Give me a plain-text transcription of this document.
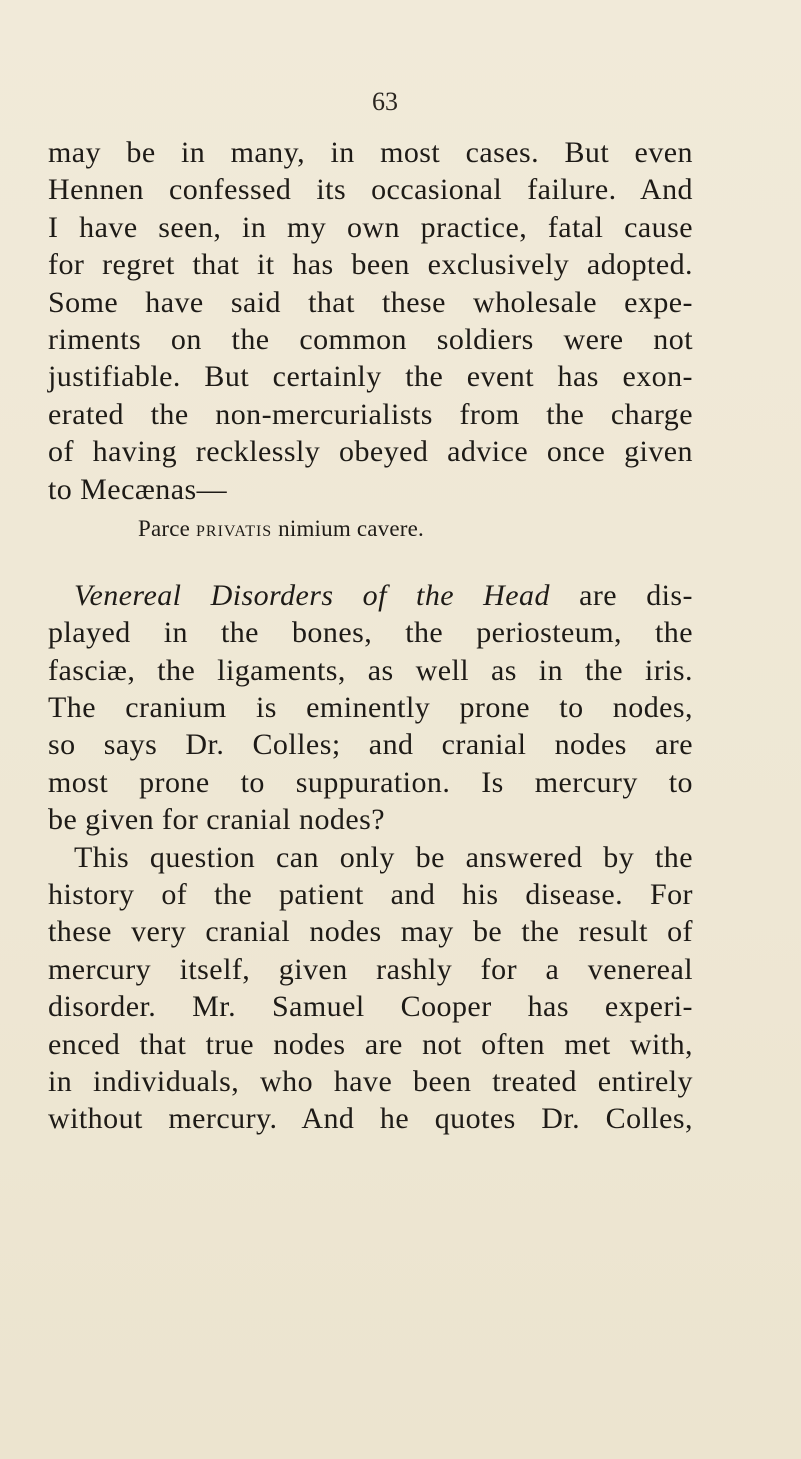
63
may be in many, in most cases. But even
Hennen confessed its occasional failure. And
I have seen, in my own practice, fatal cause
for regret that it has been exclusively adopted.
Some have said that these wholesale expe-
riments on the common soldiers were not
justifiable. But certainly the event has exon-
erated the non-mercurialists from the charge
of having recklessly obeyed advice once given
to Mecænas—
Parce privatis nimium cavere.
Venereal Disorders of the Head are dis-
played in the bones, the periosteum, the
fasciæ, the ligaments, as well as in the iris.
The cranium is eminently prone to nodes,
so says Dr. Colles; and cranial nodes are
most prone to suppuration. Is mercury to
be given for cranial nodes?
This question can only be answered by the
history of the patient and his disease. For
these very cranial nodes may be the result of
mercury itself, given rashly for a venereal
disorder. Mr. Samuel Cooper has experi-
enced that true nodes are not often met with,
in individuals, who have been treated entirely
without mercury. And he quotes Dr. Colles,
